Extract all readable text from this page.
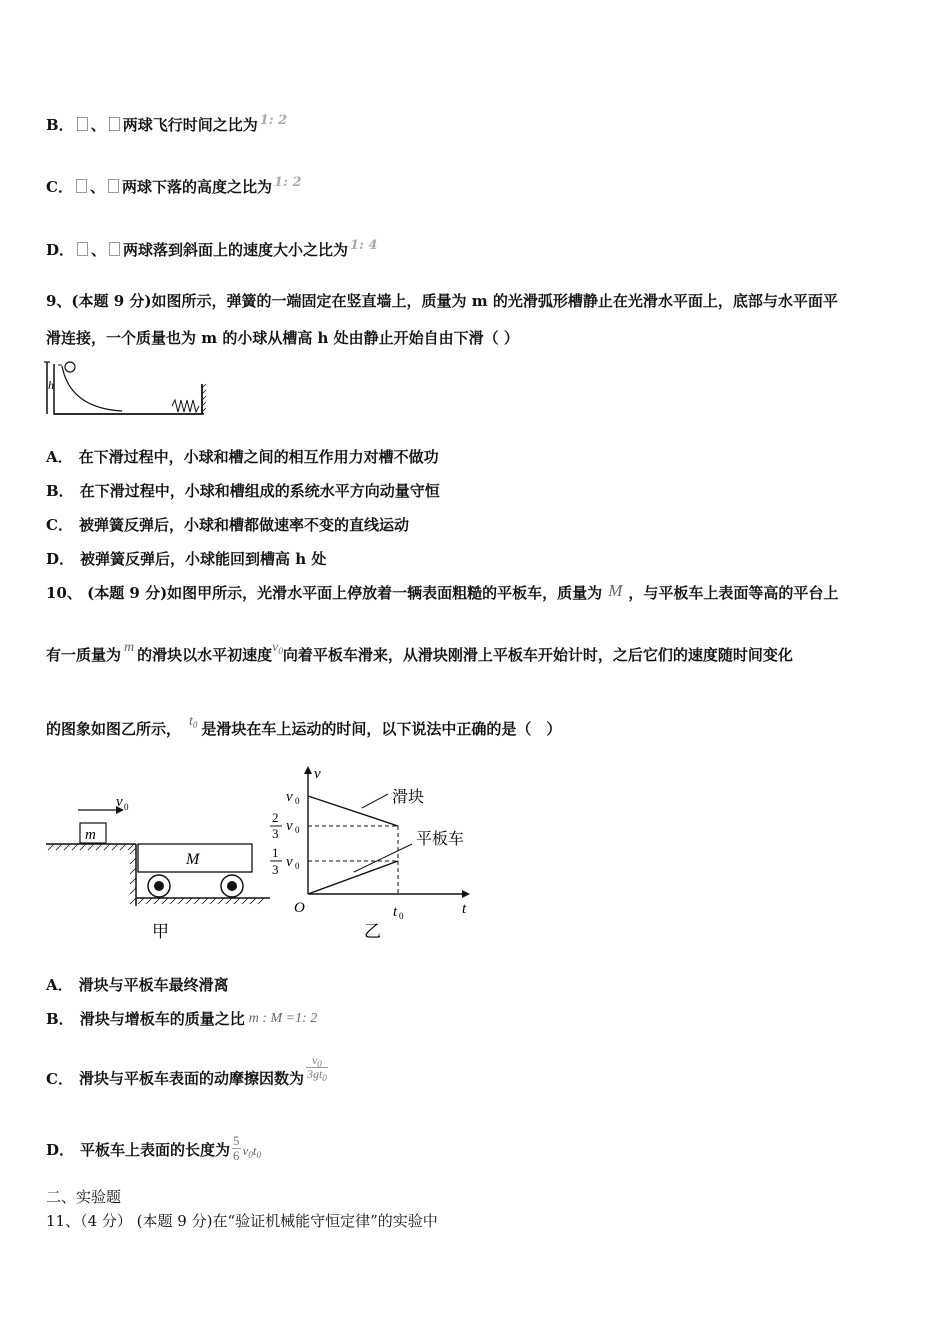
B． 、 两球飞行时间之比为 1: 2
C． 、 两球下落的高度之比为 1: 2
D． 、 两球落到斜面上的速度大小之比为 1: 4
9、(本题 9 分)如图所示，弹簧的一端固定在竖直墙上，质量为 m 的光滑弧形槽静止在光滑水平面上，底部与水平面平
滑连接，一个质量也为 m 的小球从槽高 h 处由静止开始自由下滑（ ）
h
A． 在下滑过程中，小球和槽之间的相互作用力对槽不做功
B． 在下滑过程中，小球和槽组成的系统水平方向动量守恒
C． 被弹簧反弹后，小球和槽都做速率不变的直线运动
D． 被弹簧反弹后，小球能回到槽高 h 处
10、 (本题 9 分)如图甲所示，光滑水平面上停放着一辆表面粗糙的平板车，质量为 M ，与平板车上表面等高的平台上
有一质量为 m 的滑块以水平初速度$v_0$向着平板车滑来，从滑块刚滑上平板车开始计时，之后它们的速度随时间变化
的图象如图乙所示， $t_0$ 是滑块在车上运动的时间，以下说法中正确的是（　）
v 0
m
M
甲
v
t
O
v 0
2
3 v 0
1
3 v 0
滑块
平板车
t 0
乙
A． 滑块与平板车最终滑离
B． 滑块与增板车的质量之比 m : M =1: 2
C． 滑块与平板车表面的动摩擦因数为 $\frac{v_0}{3gt_0}$
D． 平板车上表面的长度为 $\frac{5}{6} v_0t_0$
二、实验题
11、（4 分） (本题 9 分)在“验证机械能守恒定律”的实验中
